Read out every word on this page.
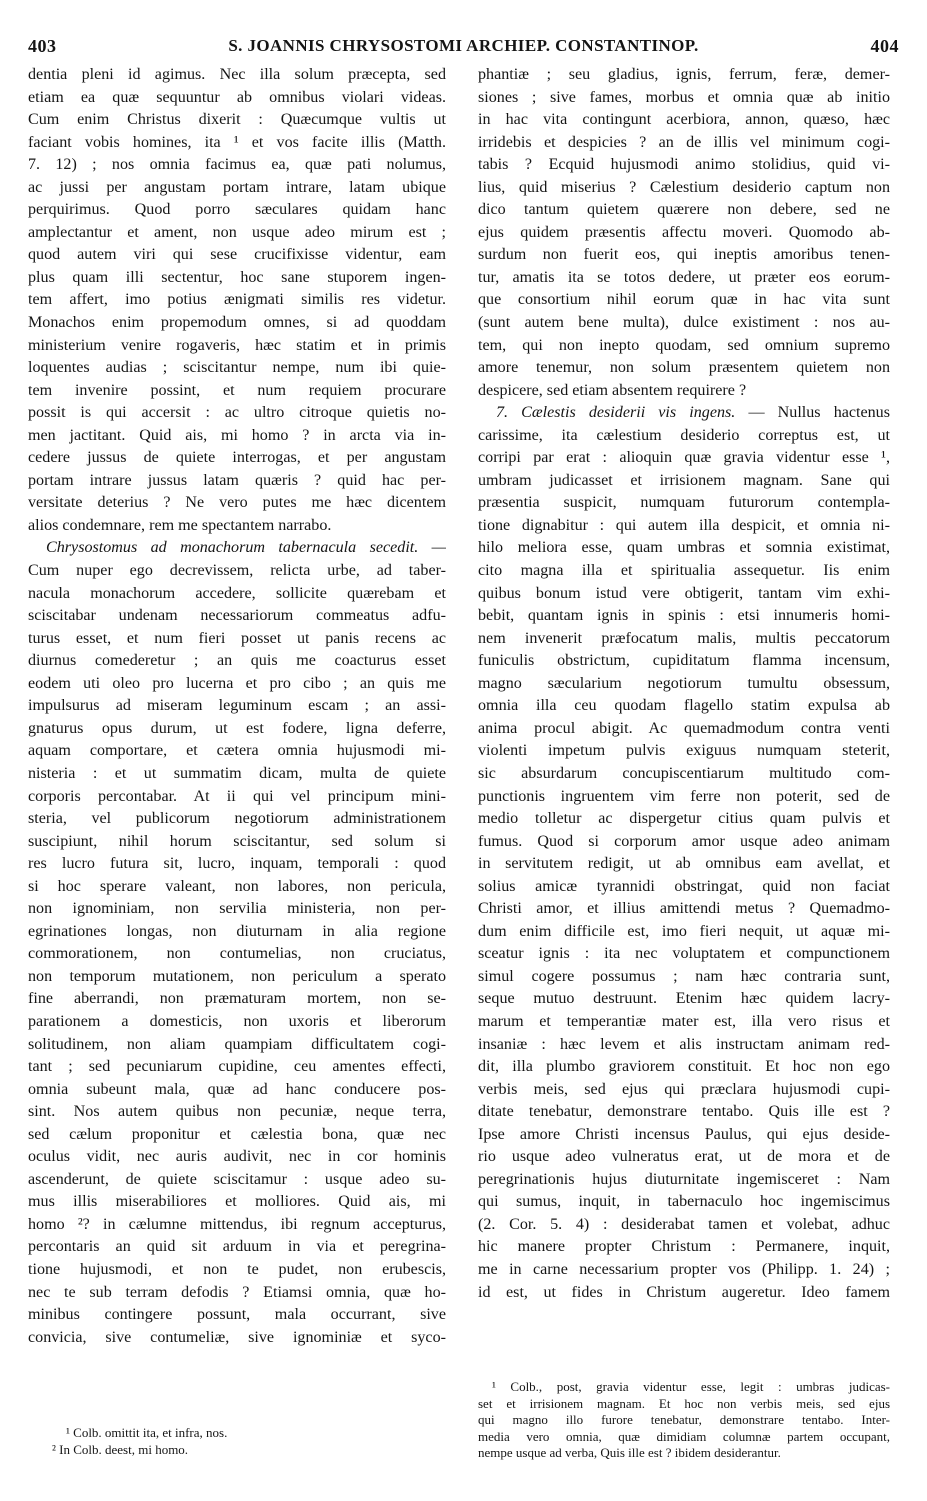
403	S. JOANNIS CHRYSOSTOMI ARCHIEP. CONSTANTINOP.	404
dentia pleni id agimus. Nec illa solum præcepta, sed
etiam ea quæ sequuntur ab omnibus violari videas.
Cum enim Christus dixerit : Quæcumque vultis ut
faciant vobis homines, ita ¹ et vos facite illis (Matth.
7. 12) ; nos omnia facimus ea, quæ pati nolumus,
ac jussi per angustam portam intrare, latam ubique
perquirimus. Quod porro sæculares quidam hanc
amplectantur et ament, non usque adeo mirum est ;
quod autem viri qui sese crucifixisse videntur, eam
plus quam illi sectentur, hoc sane stuporem ingen-
tem affert, imo potius ænigmati similis res videtur.
Monachos enim propemodum omnes, si ad quoddam
ministerium venire rogaveris, hæc statim et in primis
loquentes audias ; sciscitantur nempe, num ibi quie-
tem invenire possint, et num requiem procurare
possit is qui accersit : ac ultro citroque quietis no-
men jactitant. Quid ais, mi homo ? in arcta via in-
cedere jussus de quiete interrogas, et per angustam
portam intrare jussus latam quæris ? quid hac per-
versitate deterius ? Ne vero putes me hæc dicentem
alios condemnare, rem me spectantem narrabo.
Chrysostomus ad monachorum tabernacula secedit. —
Cum nuper ego decrevissem, relicta urbe, ad taber-
nacula monachorum accedere, sollicite quærebam et
sciscitabar undenam necessariorum commeatus adfu-
turus esset, et num fieri posset ut panis recens ac
diurnus comederetur ; an quis me coacturus esset
eodem uti oleo pro lucerna et pro cibo ; an quis me
impulsurus ad miseram leguminum escam ; an assi-
gnaturus opus durum, ut est fodere, ligna deferre,
aquam comportare, et cætera omnia hujusmodi mi-
nisteria : et ut summatim dicam, multa de quiete
corporis percontabar. At ii qui vel principum mini-
steria, vel publicorum negotiorum administrationem
suscipiunt, nihil horum sciscitantur, sed solum si
res lucro futura sit, lucro, inquam, temporali : quod
si hoc sperare valeant, non labores, non pericula,
non ignominiam, non servilia ministeria, non per-
egrinationes longas, non diuturnam in alia regione
commorationem, non contumelias, non cruciatus,
non temporum mutationem, non periculum a sperato
fine aberrandi, non præmaturam mortem, non se-
parationem a domesticis, non uxoris et liberorum
solitudinem, non aliam quampiam difficultatem cogi-
tant ; sed pecuniarum cupidine, ceu amentes effecti,
omnia subeunt mala, quæ ad hanc conducere pos-
sint. Nos autem quibus non pecuniæ, neque terra,
sed cælum proponitur et cælestia bona, quæ nec
oculus vidit, nec auris audivit, nec in cor hominis
ascenderunt, de quiete sciscitamur : usque adeo su-
mus illis miserabiliores et molliores. Quid ais, mi
homo ²? in cælumne mittendus, ibi regnum accepturus,
percontaris an quid sit arduum in via et peregrina-
tione hujusmodi, et non te pudet, non erubescis,
nec te sub terram defodis ? Etiamsi omnia, quæ ho-
minibus contingere possunt, mala occurrant, sive
convicia, sive contumeliæ, sive ignominiæ et syco-
phantiæ ; seu gladius, ignis, ferrum, feræ, demer-
siones ; sive fames, morbus et omnia quæ ab initio
in hac vita contingunt acerbiora, annon, quæso, hæc
irridebis et despicies ? an de illis vel minimum cogi-
tabis ? Ecquid hujusmodi animo stolidius, quid vi-
lius, quid miserius ? Cælestium desiderio captum non
dico tantum quietem quærere non debere, sed ne
ejus quidem præsentis affectu moveri. Quomodo ab-
surdum non fuerit eos, qui ineptis amoribus tenen-
tur, amatis ita se totos dedere, ut præter eos eorum-
que consortium nihil eorum quæ in hac vita sunt
(sunt autem bene multa), dulce existiment : nos au-
tem, qui non inepto quodam, sed omnium supremo
amore tenemur, non solum præsentem quietem non
despicere, sed etiam absentem requirere ?
7. Cælestis desiderii vis ingens. — Nullus hactenus
carissime, ita cælestium desiderio correptus est, ut
corripi par erat : alioquin quæ gravia videntur esse ¹,
umbram judicasset et irrisionem magnam. Sane qui
præsentia suspicit, numquam futurorum contempla-
tione dignabitur : qui autem illa despicit, et omnia ni-
hilo meliora esse, quam umbras et somnia existimat,
cito magna illa et spiritualia assequetur. Iis enim
quibus bonum istud vere obtigerit, tantam vim exhi-
bebit, quantam ignis in spinis : etsi innumeris homi-
nem invenerit præfocatum malis, multis peccatorum
funiculis obstrictum, cupiditatum flamma incensum,
magno sæcularium negotiorum tumultu obsessum,
omnia illa ceu quodam flagello statim expulsa ab
anima procul abigit. Ac quemadmodum contra venti
violenti impetum pulvis exiguus numquam steterit,
sic absurdarum concupiscentiarum multitudo com-
punctionis ingruentem vim ferre non poterit, sed de
medio tolletur ac dispergetur citius quam pulvis et
fumus. Quod si corporum amor usque adeo animam
in servitutem redigit, ut ab omnibus eam avellat, et
solius amicæ tyrannidi obstringat, quid non faciat
Christi amor, et illius amittendi metus ? Quemadmo-
dum enim difficile est, imo fieri nequit, ut aquæ mi-
sceatur ignis : ita nec voluptatem et compunctionem
simul cogere possumus ; nam hæc contraria sunt,
seque mutuo destruunt. Etenim hæc quidem lacry-
marum et temperantiæ mater est, illa vero risus et
insaniæ : hæc levem et alis instructam animam red-
dit, illa plumbo graviorem constituit. Et hoc non ego
verbis meis, sed ejus qui præclara hujusmodi cupi-
ditate tenebatur, demonstrare tentabo. Quis ille est ?
Ipse amore Christi incensus Paulus, qui ejus deside-
rio usque adeo vulneratus erat, ut de mora et de
peregrinationis hujus diuturnitate ingemisceret : Nam
qui sumus, inquit, in tabernaculo hoc ingemiscimus
(2. Cor. 5. 4) : desiderabat tamen et volebat, adhuc
hic manere propter Christum : Permanere, inquit,
me in carne necessarium propter vos (Philipp. 1. 24) ;
id est, ut fides in Christum augeretur. Ideo famem
¹ Colb. omittit ita, et infra, nos.
² In Colb. deest, mi homo.
¹ Colb., post, gravia videntur esse, legit : umbras judicas-
set et irrisionem magnam. Et hoc non verbis meis, sed ejus
qui magno illo furore tenebatur, demonstrare tentabo. Inter-
media vero omnia, quæ dimidiam columnæ partem occupant,
nempe usque ad verba, Quis ille est ? ibidem desiderantur.
